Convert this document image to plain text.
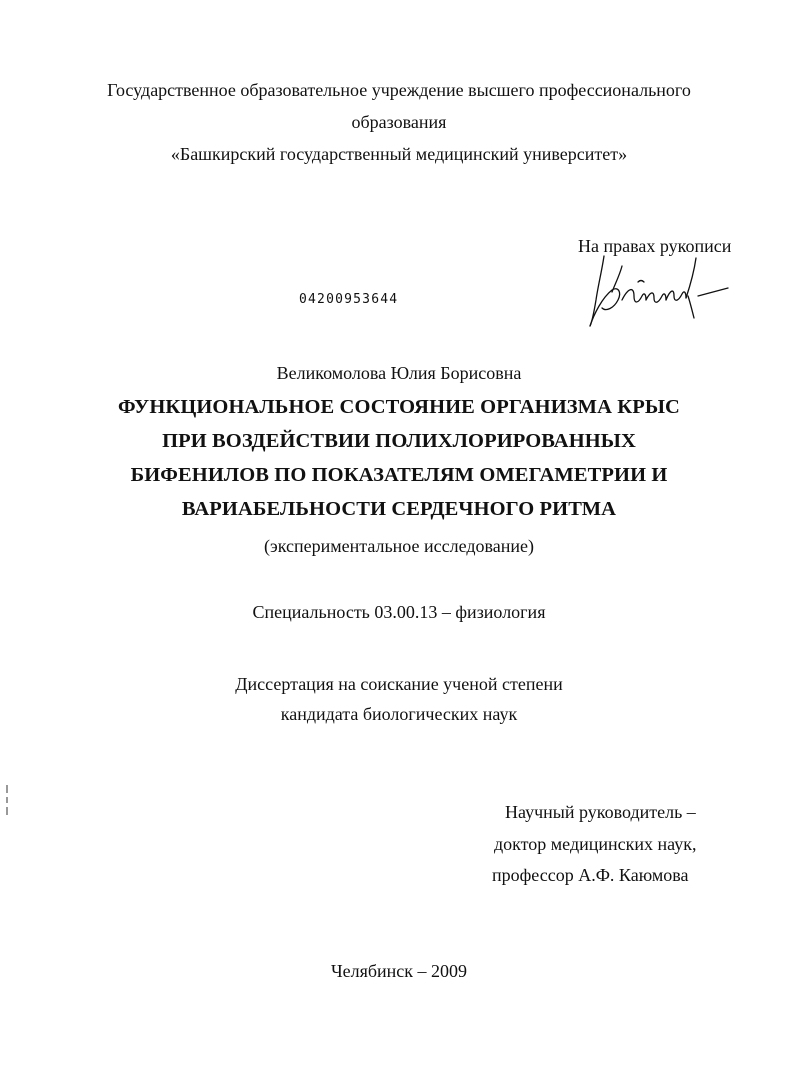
Государственное образовательное учреждение высшего профессионального
образования
«Башкирский государственный медицинский университет»
На правах рукописи
04200953644
Великомолова Юлия Борисовна
ФУНКЦИОНАЛЬНОЕ СОСТОЯНИЕ ОРГАНИЗМА КРЫС
ПРИ ВОЗДЕЙСТВИИ ПОЛИХЛОРИРОВАННЫХ
БИФЕНИЛОВ ПО ПОКАЗАТЕЛЯМ ОМЕГАМЕТРИИ И
ВАРИАБЕЛЬНОСТИ СЕРДЕЧНОГО РИТМА
(экспериментальное исследование)
Специальность 03.00.13 – физиология
Диссертация на соискание ученой степени
кандидата биологических наук
Научный руководитель –
доктор медицинских наук,
профессор А.Ф. Каюмова
Челябинск – 2009
